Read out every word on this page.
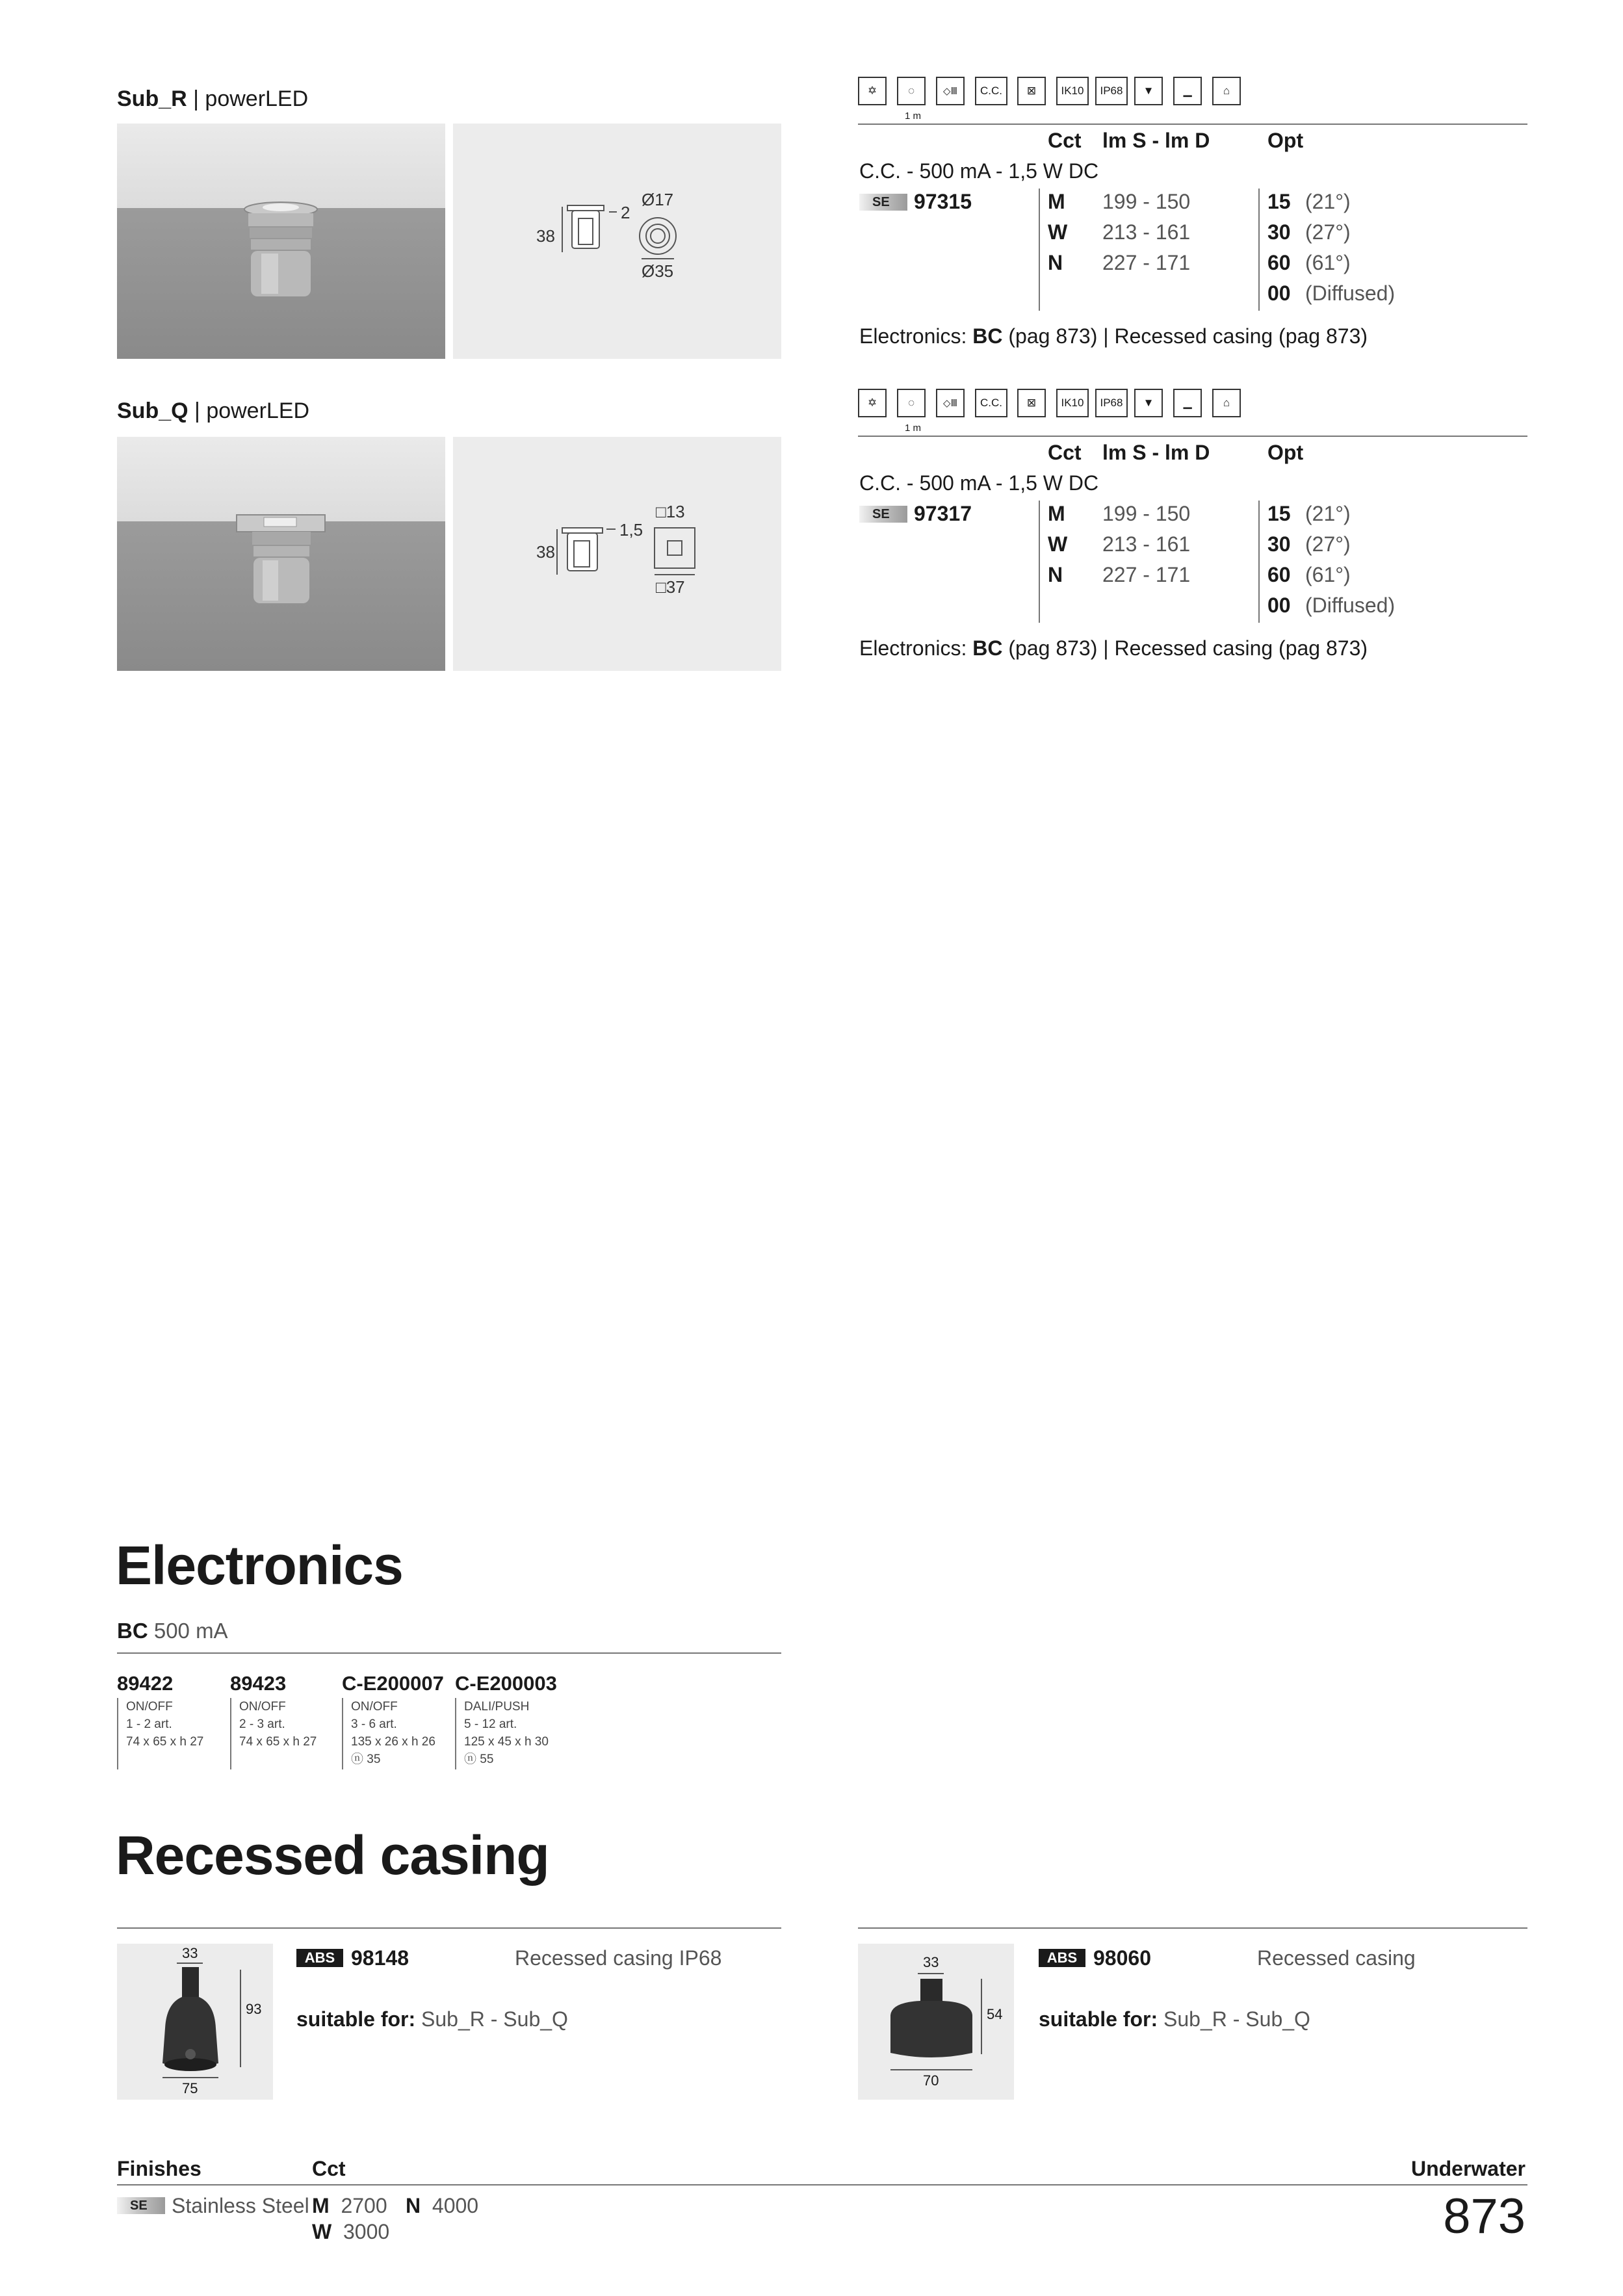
Sub_R | powerLED
38
2
Ø17
Ø35
✡	◌	◇Ⅲ	C.C.	⊠	IK10	IP68	▼	▁	⌂
1 m
Cct lm S - lm D	Opt
C.C. - 500 mA - 1,5 W DC
SE	97315	M 199 - 150	15 (21°)
W 213 - 161	30 (27°)
N 227 - 171	60 (61°)
00 (Diffused)
Electronics: BC (pag 873) | Recessed casing (pag 873)
Sub_Q | powerLED
38
1,5
□13
□37
✡	◌	◇Ⅲ	C.C.	⊠	IK10	IP68	▼	▁	⌂
1 m
Cct lm S - lm D	Opt
C.C. - 500 mA - 1,5 W DC
SE	97317	M 199 - 150	15 (21°)
W 213 - 161	30 (27°)
N 227 - 171	60 (61°)
00 (Diffused)
Electronics: BC (pag 873) | Recessed casing (pag 873)
Electronics
BC 500 mA
89422
ON/OFF
1 - 2 art.
74 x 65 x h 27
89423
ON/OFF
2 - 3 art.
74 x 65 x h 27
C-E200007
ON/OFF
3 - 6 art.
135 x 26 x h 26
ⓝ 35
C-E200003
DALI/PUSH
5 - 12 art.
125 x 45 x h 30
ⓝ 55
Recessed casing
33
93
75
ABS 98148	Recessed casing IP68
suitable for: Sub_R - Sub_Q
33
54
70
ABS 98060	Recessed casing
suitable for: Sub_R - Sub_Q
Finishes	Cct	Underwater
SE	Stainless Steel M 2700 N 4000
W 3000	873
